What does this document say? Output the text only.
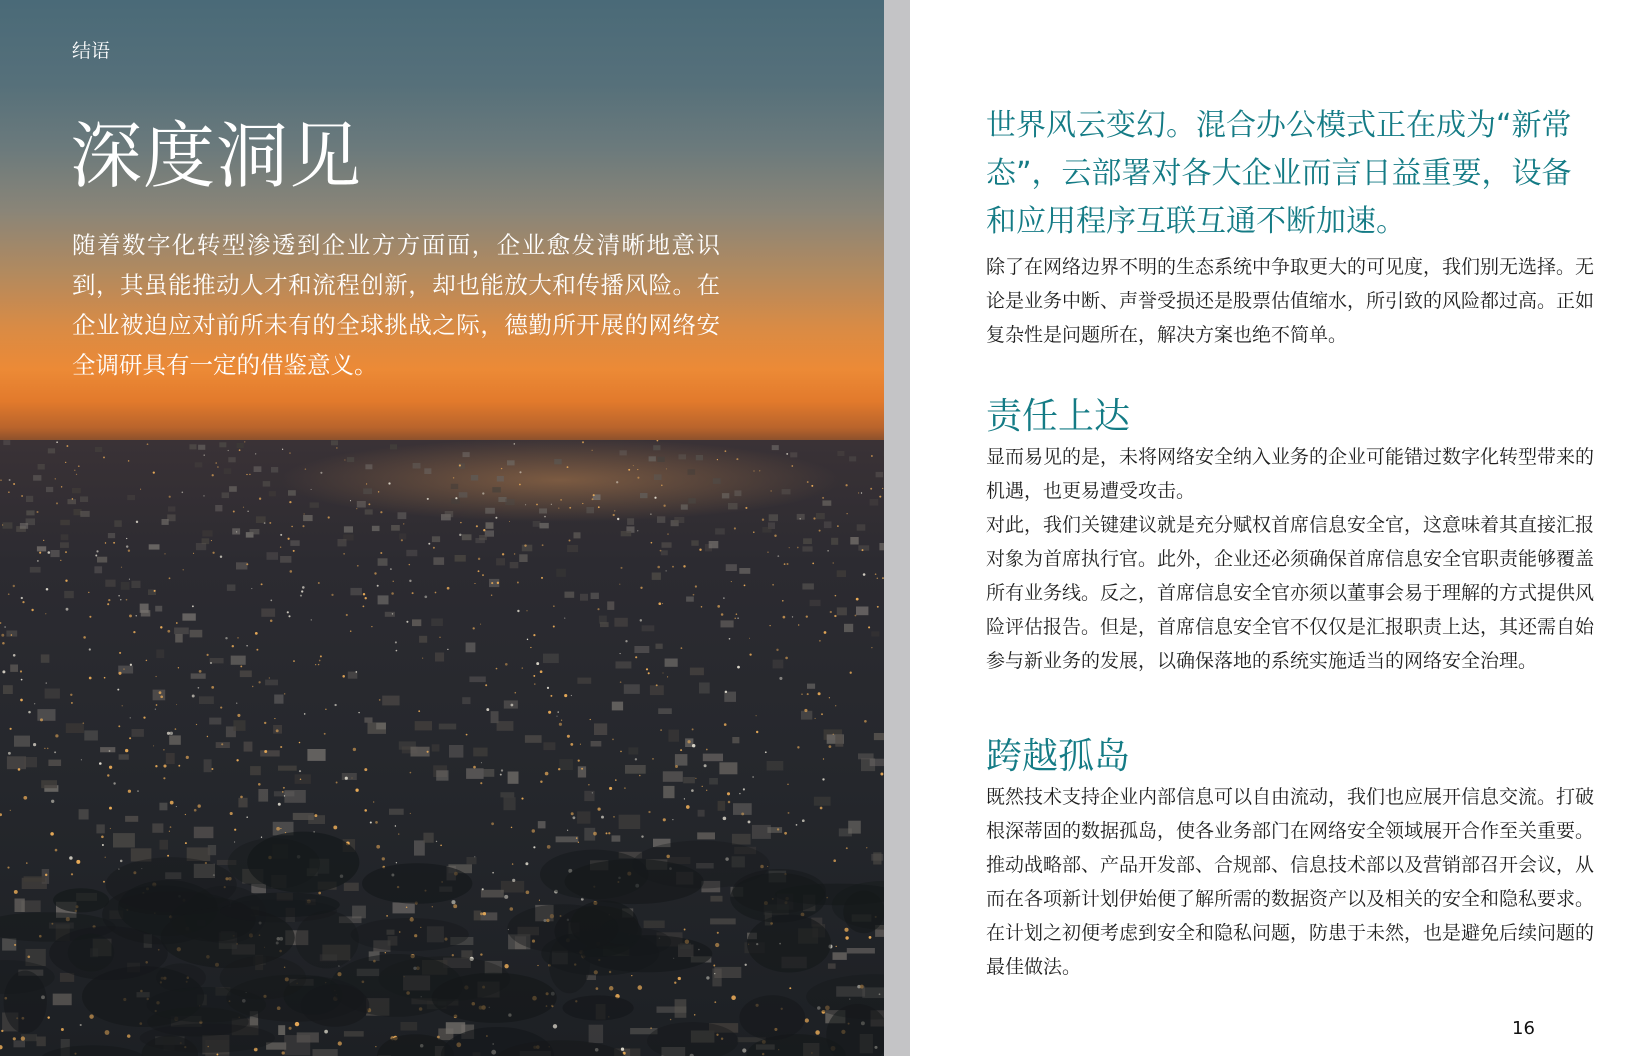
结语
深度洞见
随着数字化转型渗透到企业方方面面，企业愈发清晰地意识到，其虽能推动人才和流程创新，却也能放大和传播风险。在企业被迫应对前所未有的全球挑战之际，德勤所开展的网络安全调研具有一定的借鉴意义。
世界风云变幻。混合办公模式正在成为“新常态”，云部署对各大企业而言日益重要，设备和应用程序互联互通不断加速。

除了在网络边界不明的生态系统中争取更大的可见度，我们别无选择。无论是业务中断、声誉受损还是股票估值缩水，所引致的风险都过高。正如复杂性是问题所在，解决方案也绝不简单。

责任上达

显而易见的是，未将网络安全纳入业务的企业可能错过数字化转型带来的机遇，也更易遭受攻击。

对此，我们关键建议就是充分赋权首席信息安全官，这意味着其直接汇报对象为首席执行官。此外，企业还必须确保首席信息安全官职责能够覆盖所有业务线。反之，首席信息安全官亦须以董事会易于理解的方式提供风险评估报告。但是，首席信息安全官不仅仅是汇报职责上达，其还需自始参与新业务的发展，以确保落地的系统实施适当的网络安全治理。

跨越孤岛

既然技术支持企业内部信息可以自由流动，我们也应展开信息交流。打破根深蒂固的数据孤岛，使各业务部门在网络安全领域展开合作至关重要。推动战略部、产品开发部、合规部、信息技术部以及营销部召开会议，从而在各项新计划伊始便了解所需的数据资产以及相关的安全和隐私要求。 在计划之初便考虑到安全和隐私问题，防患于未然，也是避免后续问题的最佳做法。

16
